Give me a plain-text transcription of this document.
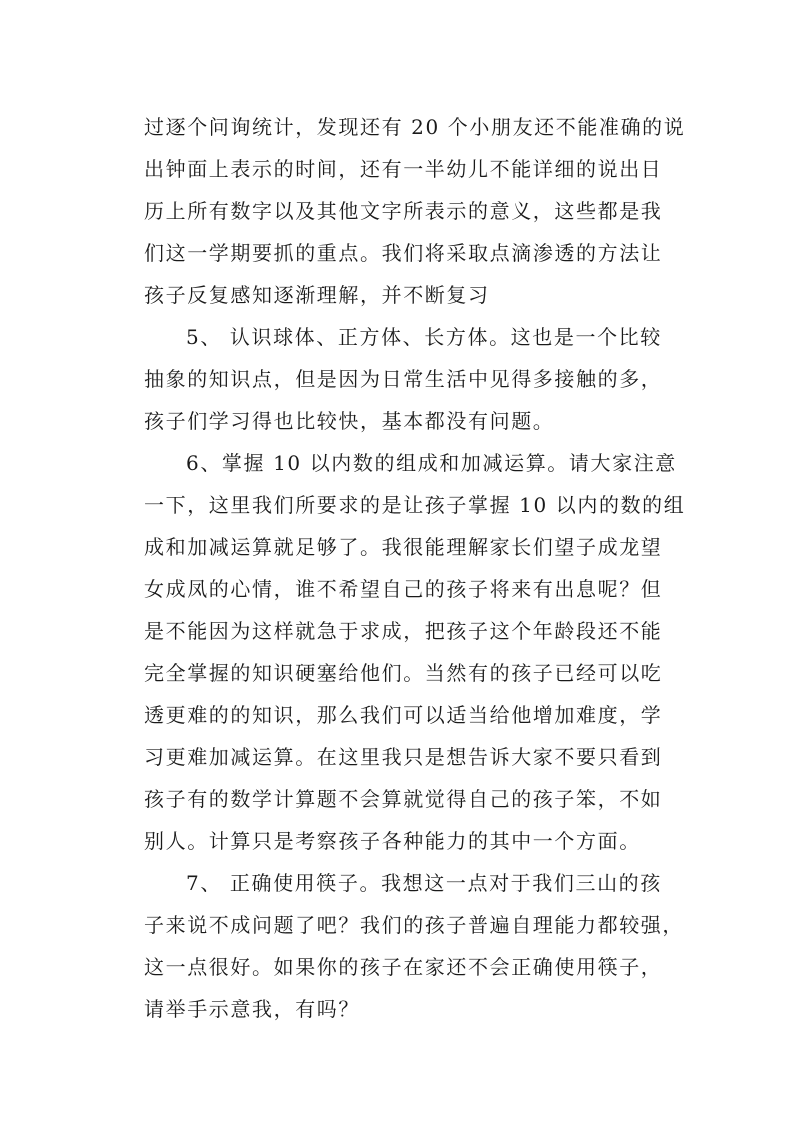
过逐个问询统计，发现还有 20 个小朋友还不能准确的说
出钟面上表示的时间，还有一半幼儿不能详细的说出日
历上所有数字以及其他文字所表示的意义，这些都是我
们这一学期要抓的重点。我们将采取点滴渗透的方法让
孩子反复感知逐渐理解，并不断复习
5、 认识球体、正方体、长方体。这也是一个比较
抽象的知识点，但是因为日常生活中见得多接触的多，
孩子们学习得也比较快，基本都没有问题。
6、掌握 10 以内数的组成和加减运算。请大家注意
一下，这里我们所要求的是让孩子掌握 10 以内的数的组
成和加减运算就足够了。我很能理解家长们望子成龙望
女成凤的心情，谁不希望自己的孩子将来有出息呢？但
是不能因为这样就急于求成，把孩子这个年龄段还不能
完全掌握的知识硬塞给他们。当然有的孩子已经可以吃
透更难的的知识，那么我们可以适当给他增加难度，学
习更难加减运算。在这里我只是想告诉大家不要只看到
孩子有的数学计算题不会算就觉得自己的孩子笨，不如
别人。计算只是考察孩子各种能力的其中一个方面。
7、 正确使用筷子。我想这一点对于我们三山的孩
子来说不成问题了吧？我们的孩子普遍自理能力都较强，
这一点很好。如果你的孩子在家还不会正确使用筷子，
请举手示意我，有吗？
